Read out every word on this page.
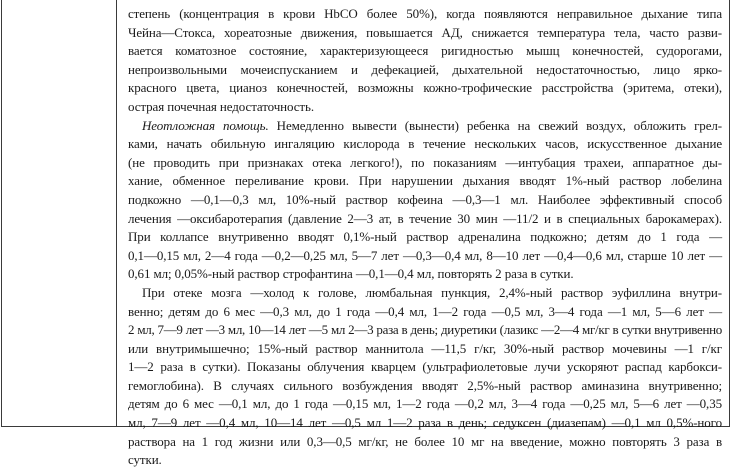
степень (концентрация в крови HbCO более 50%), когда появляются неправильное дыхание типа
Чейна—Стокса, хореатозные движения, повышается АД, снижается температура тела, часто разви-
вается коматозное состояние, характеризующееся ригидностью мышц конечностей, судорогами,
непроизвольными мочеиспусканием и дефекацией, дыхательной недостаточностью, лицо ярко-
красного цвета, цианоз конечностей, возможны кожно-трофические расстройства (эритема, отеки),
острая почечная недостаточность.
Неотложная помощь. Немедленно вывести (вынести) ребенка на свежий воздух, обложить грел-
ками, начать обильную ингаляцию кислорода в течение нескольких часов, искусственное дыхание
(не проводить при признаках отека легкого!), по показаниям —интубация трахеи, аппаратное ды-
хание, обменное переливание крови. При нарушении дыхания вводят 1%-ный раствор лобелина
подкожно —0,1—0,3 мл, 10%-ный раствор кофеина —0,3—1 мл. Наиболее эффективный способ
лечения —оксибаротерапия (давление 2—3 ат, в течение 30 мин —11/2 и в специальных барокамерах).
При коллапсе внутривенно вводят 0,1%-ный раствор адреналина подкожно; детям до 1 года —
0,1—0,15 мл, 2—4 года —0,2—0,25 мл, 5—7 лет —0,3—0,4 мл, 8—10 лет —0,4—0,6 мл, старше 10 лет —
0,61 мл; 0,05%-ный раствор строфантина —0,1—0,4 мл, повторять 2 раза в сутки.
При отеке мозга —холод к голове, люмбальная пункция, 2,4%-ный раствор эуфиллина внутри-
венно; детям до 6 мес —0,3 мл, до 1 года —0,4 мл, 1—2 года —0,5 мл, 3—4 года —1 мл, 5—6 лет —
2 мл, 7—9 лет —3 мл, 10—14 лет —5 мл 2—3 раза в день; диуретики (лазикс —2—4 мг/кг в сутки внутривенно
или внутримышечно; 15%-ный раствор маннитола —11,5 г/кг, 30%-ный раствор мочевины —1 г/кг
1—2 раза в сутки). Показаны облучения кварцем (ультрафиолетовые лучи ускоряют распад карбокси-
гемоглобина). В случаях сильного возбуждения вводят 2,5%-ный раствор аминазина внутривенно;
детям до 6 мес —0,1 мл, до 1 года —0,15 мл, 1—2 года —0,2 мл, 3—4 года —0,25 мл, 5—6 лет —0,35
мл, 7—9 лет —0,4 мл, 10—14 лет —0,5 мл 1—2 раза в день; седуксен (диазепам) —0,1 мл 0,5%-ного
раствора на 1 год жизни или 0,3—0,5 мг/кг, не более 10 мг на введение, можно повторять 3 раза в
сутки.
